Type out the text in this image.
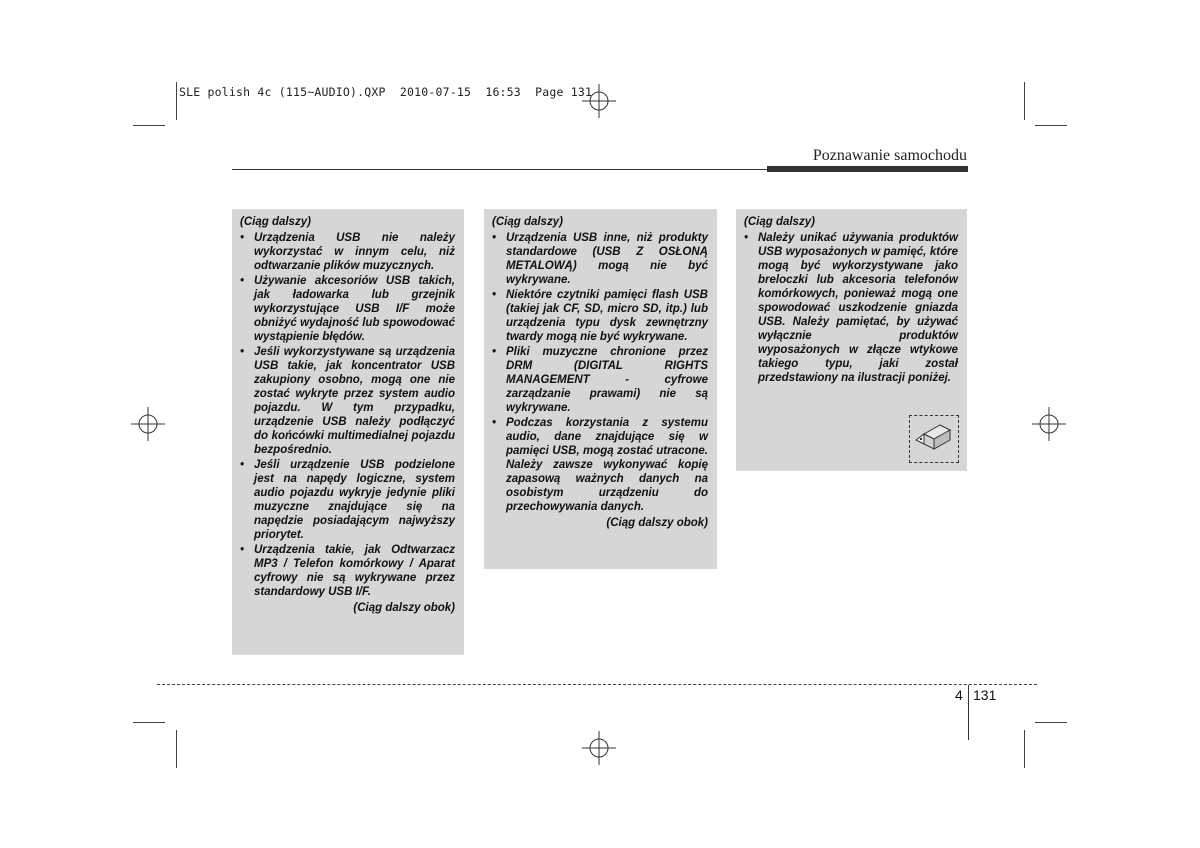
SLE polish 4c (115~AUDIO).QXP  2010-07-15  16:53  Page 131
Poznawanie samochodu
(Ciąg dalszy)
• Urządzenia USB nie należy wykorzystać w innym celu, niż odtwarzanie plików muzycznych.
• Używanie akcesoriów USB takich, jak ładowarka lub grzejnik wykorzystujące USB I/F może obniżyć wydajność lub spowodować wystąpienie błędów.
• Jeśli wykorzystywane są urządzenia USB takie, jak koncentrator USB zakupiony osobno, mogą one nie zostać wykryte przez system audio pojazdu. W tym przypadku, urządzenie USB należy podłączyć do końcówki multimedialnej pojazdu bezpośrednio.
• Jeśli urządzenie USB podzielone jest na napędy logiczne, system audio pojazdu wykryje jedynie pliki muzyczne znajdujące się na napędzie posiadającym najwyższy priorytet.
• Urządzenia takie, jak Odtwarzacz MP3 / Telefon komórkowy / Aparat cyfrowy nie są wykrywane przez standardowy USB I/F.
(Ciąg dalszy obok)
(Ciąg dalszy)
• Urządzenia USB inne, niż produkty standardowe (USB Z OSŁONĄ METALOWĄ) mogą nie być wykrywane.
• Niektóre czytniki pamięci flash USB (takiej jak CF, SD, micro SD, itp.) lub urządzenia typu dysk zewnętrzny twardy mogą nie być wykrywane.
• Pliki muzyczne chronione przez DRM (DIGITAL RIGHTS MANAGEMENT - cyfrowe zarządzanie prawami) nie są wykrywane.
• Podczas korzystania z systemu audio, dane znajdujące się w pamięci USB, mogą zostać utracone. Należy zawsze wykonywać kopię zapasową ważnych danych na osobistym urządzeniu do przechowywania danych.
(Ciąg dalszy obok)
(Ciąg dalszy)
• Należy unikać używania produktów USB wyposażonych w pamięć, które mogą być wykorzystywane jako breloczki lub akcesoria telefonów komórkowych, ponieważ mogą one spowodować uszkodzenie gniazda USB. Należy pamiętać, by używać wyłącznie produktów wyposażonych w złącze wtykowe takiego typu, jaki został przedstawiony na ilustracji poniżej.
4 131
